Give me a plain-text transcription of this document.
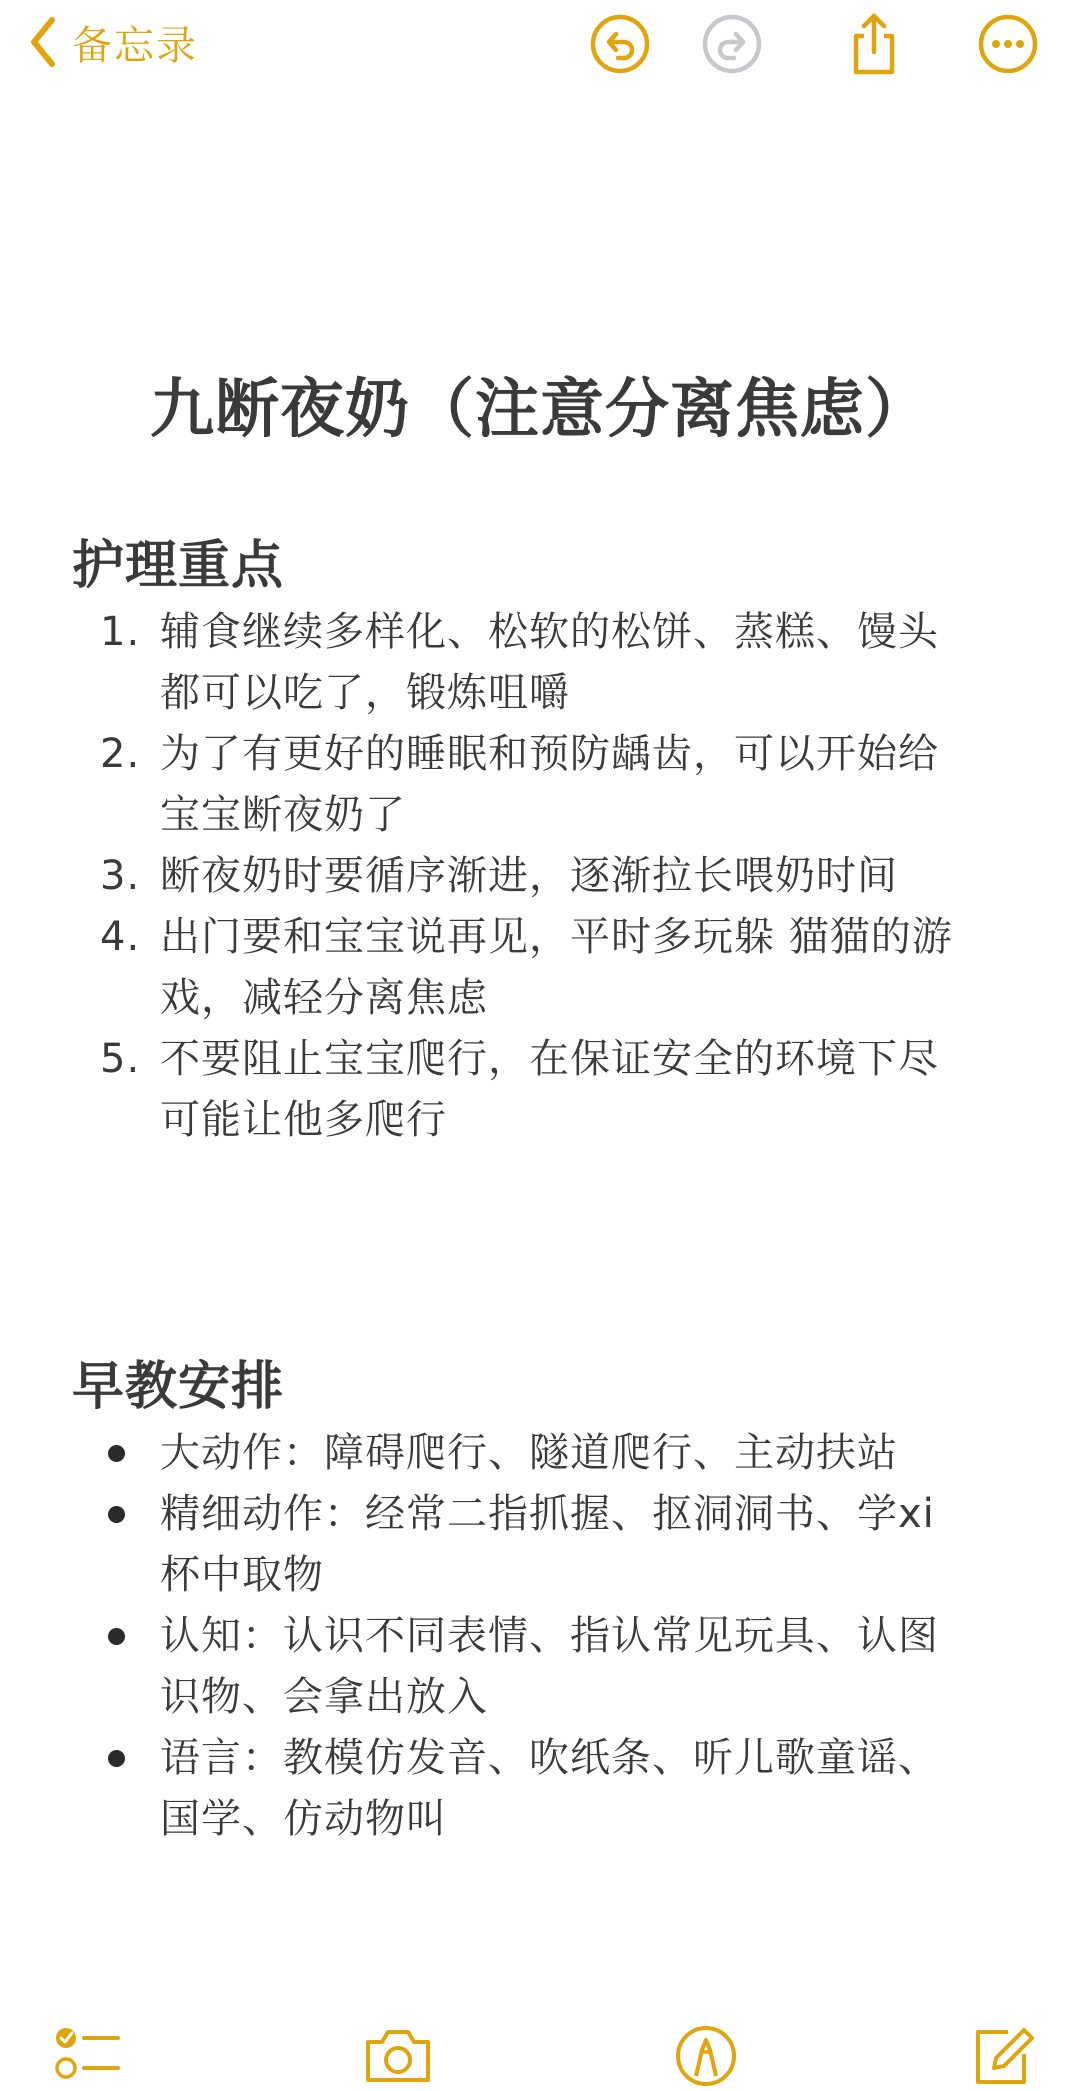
备忘录
九断夜奶（注意分离焦虑）
护理重点
1. 辅食继续多样化、松软的松饼、蒸糕、馒头
都可以吃了，锻炼咀嚼
2. 为了有更好的睡眠和预防龋齿，可以开始给
宝宝断夜奶了
3. 断夜奶时要循序渐进，逐渐拉长喂奶时间
4. 出门要和宝宝说再见，平时多玩躲 猫猫的游
戏，减轻分离焦虑
5. 不要阻止宝宝爬行，在保证安全的环境下尽
可能让他多爬行
早教安排
大动作：障碍爬行、隧道爬行、主动扶站
精细动作：经常二指抓握、抠洞洞书、学xi
杯中取物
认知：认识不同表情、指认常见玩具、认图
识物、会拿出放入
语言：教模仿发音、吹纸条、听儿歌童谣、
国学、仿动物叫
